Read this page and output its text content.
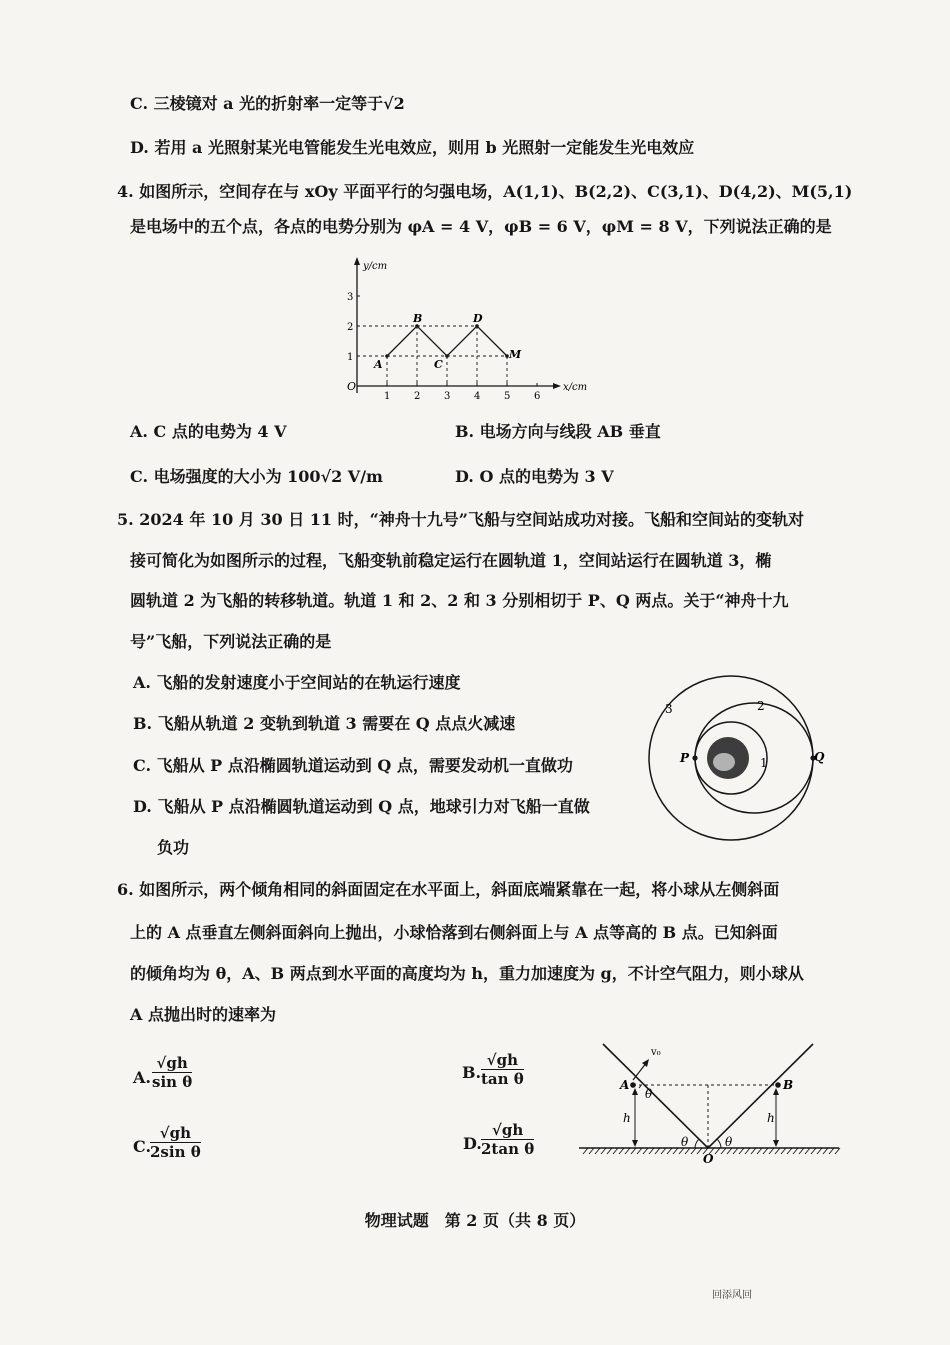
C. 三棱镜对 a 光的折射率一定等于√2
D. 若用 a 光照射某光电管能发生光电效应，则用 b 光照射一定能发生光电效应
4. 如图所示，空间存在与 xOy 平面平行的匀强电场，A(1,1)、B(2,2)、C(3,1)、D(4,2)、M(5,1)
是电场中的五个点，各点的电势分别为 φA = 4 V，φB = 6 V，φM = 8 V，下列说法正确的是
y/cm
x/cm
O
1 2 3 4 5 6
1
2
3
A
B
C
D
M
A. C 点的电势为 4 V	B. 电场方向与线段 AB 垂直
C. 电场强度的大小为 100√2 V/m	D. O 点的电势为 3 V
5. 2024 年 10 月 30 日 11 时，“神舟十九号”飞船与空间站成功对接。飞船和空间站的变轨对
接可简化为如图所示的过程，飞船变轨前稳定运行在圆轨道 1，空间站运行在圆轨道 3，椭
圆轨道 2 为飞船的转移轨道。轨道 1 和 2、2 和 3 分别相切于 P、Q 两点。关于“神舟十九
号”飞船，下列说法正确的是
A. 飞船的发射速度小于空间站的在轨运行速度
B. 飞船从轨道 2 变轨到轨道 3 需要在 Q 点点火减速
C. 飞船从 P 点沿椭圆轨道运动到 Q 点，需要发动机一直做功
D. 飞船从 P 点沿椭圆轨道运动到 Q 点，地球引力对飞船一直做
负功
3	2
1
P	Q
6. 如图所示，两个倾角相同的斜面固定在水平面上，斜面底端紧靠在一起，将小球从左侧斜面
上的 A 点垂直左侧斜面斜向上抛出，小球恰落到右侧斜面上与 A 点等高的 B 点。已知斜面
的倾角均为 θ，A、B 两点到水平面的高度均为 h，重力加速度为 g，不计空气阻力，则小球从
A 点抛出时的速率为
A. $\frac{√gh}{\text{sin θ}}$	B. $\frac{√gh}{\text{tan θ}}$
C.
$\frac{√gh}{\text{2sin θ}}$	D. $\frac{√gh}{\text{2tan θ}}$
v₀
A	B
θ
h	h
θ	θ
O
物理试题　第 2 页（共 8 页）
回添风回
